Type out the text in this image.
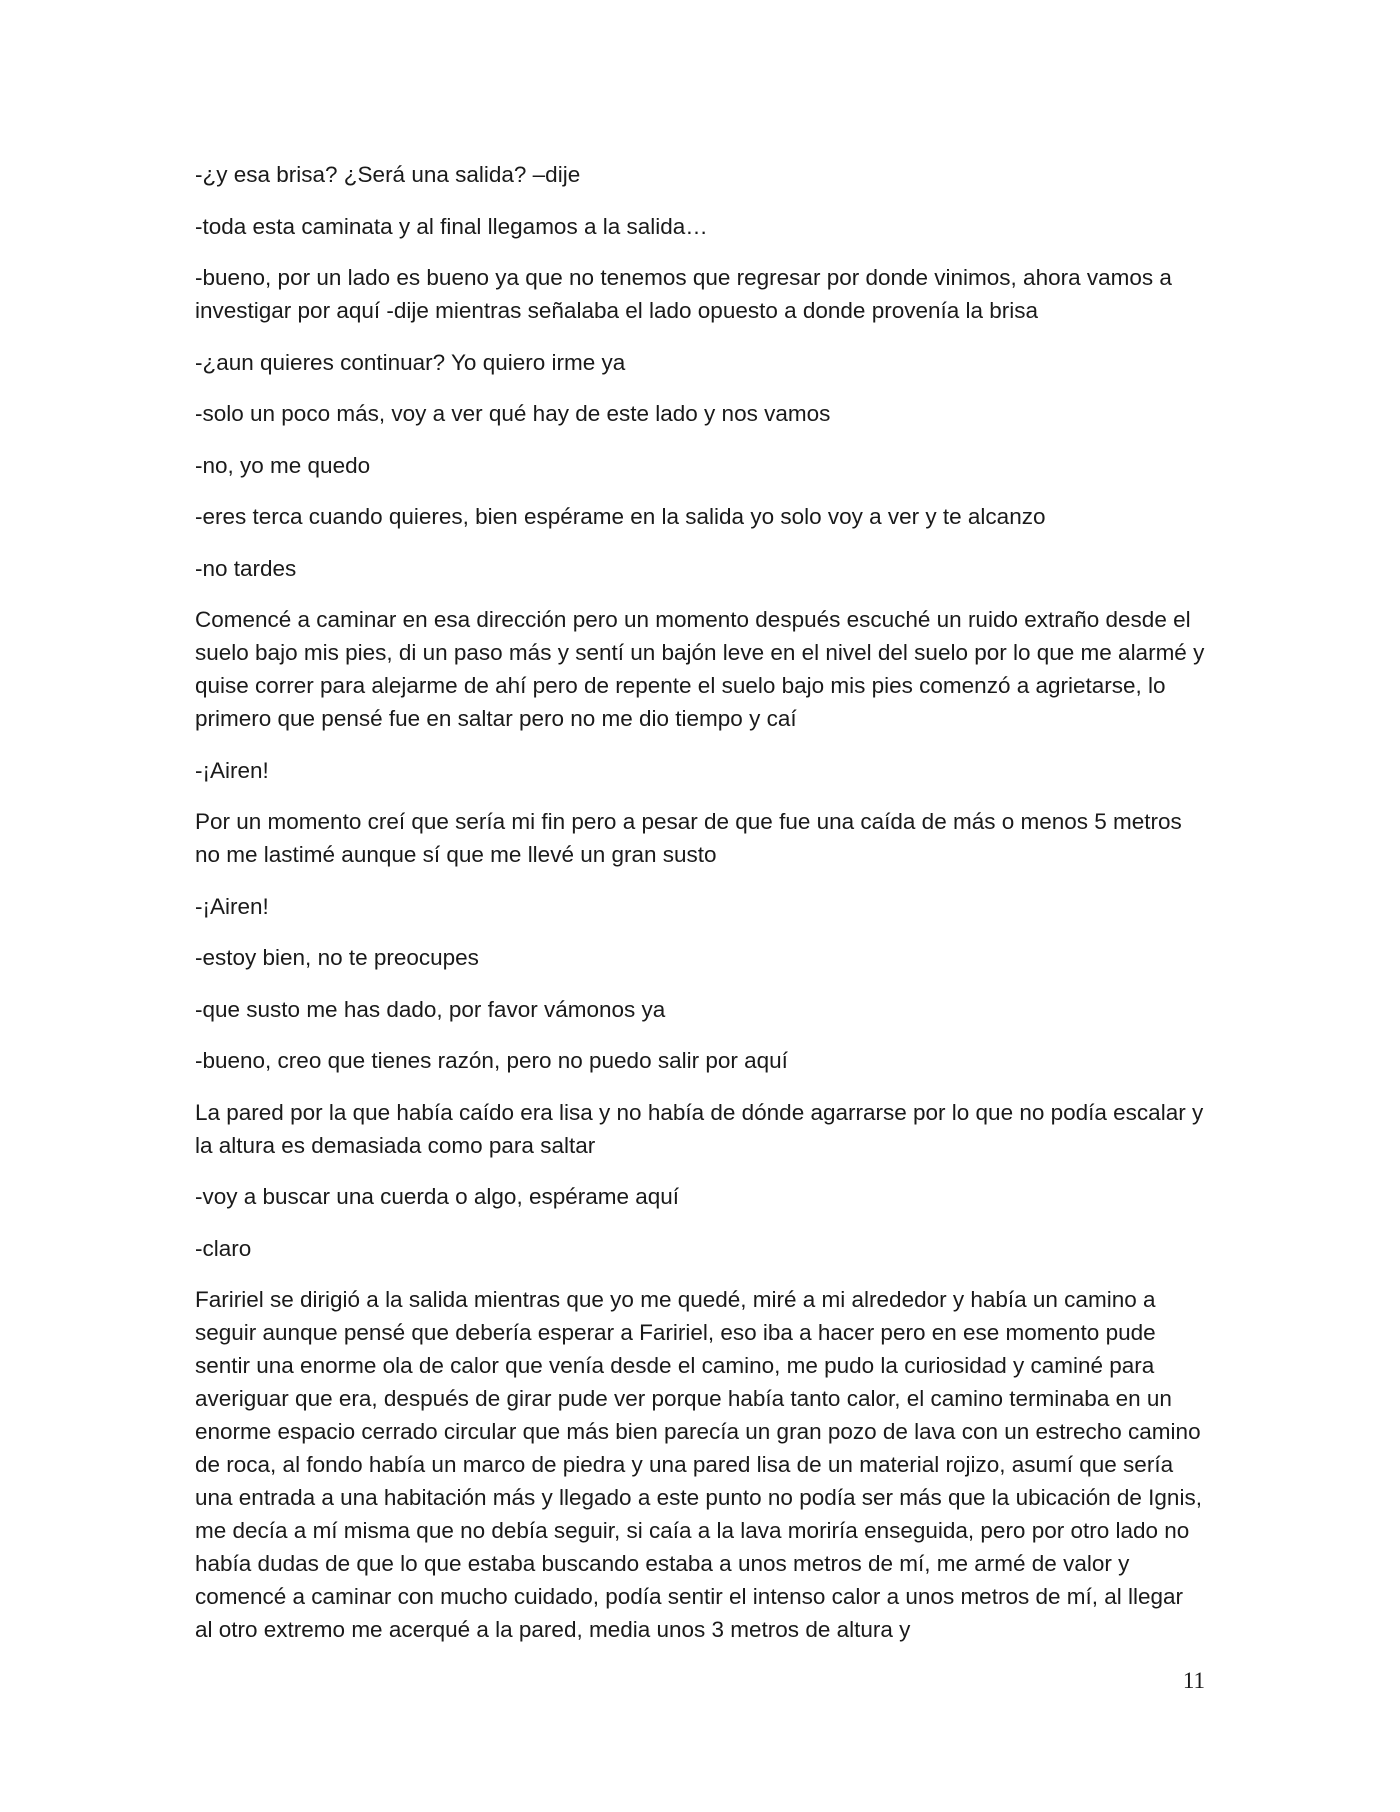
-¿y esa brisa? ¿Será una salida? –dije

-toda esta caminata y al final llegamos a la salida…

-bueno, por un lado es bueno ya que no tenemos que regresar por donde vinimos, ahora vamos a investigar por aquí -dije mientras señalaba el lado opuesto a donde provenía la brisa

-¿aun quieres continuar? Yo quiero irme ya

-solo un poco más, voy a ver qué hay de este lado y nos vamos

-no, yo me quedo

-eres terca cuando quieres, bien espérame en la salida yo solo voy a ver y te alcanzo

-no tardes

Comencé a caminar en esa dirección pero un momento después escuché un ruido extraño desde el suelo bajo mis pies, di un paso más y sentí un bajón leve en el nivel del suelo por lo que me alarmé y quise correr para alejarme de ahí pero de repente el suelo bajo mis pies comenzó a agrietarse, lo primero que pensé fue en saltar pero no me dio tiempo y caí

-¡Airen!

Por un momento creí que sería mi fin pero a pesar de que fue una caída de más o menos 5 metros no me lastimé aunque sí que me llevé un gran susto

-¡Airen!

-estoy bien, no te preocupes

-que susto me has dado, por favor vámonos ya

-bueno, creo que tienes razón, pero no puedo salir por aquí

La pared por la que había caído era lisa y no había de dónde agarrarse por lo que no podía escalar y la altura es demasiada como para saltar

-voy a buscar una cuerda o algo, espérame aquí

-claro

Faririel se dirigió a la salida mientras que yo me quedé, miré a mi alrededor y había un camino a seguir aunque pensé que debería esperar a Faririel, eso iba a hacer pero en ese momento pude sentir una enorme ola de calor que venía desde el camino, me pudo la curiosidad y caminé para averiguar que era, después de girar pude ver porque había tanto calor, el camino terminaba en un enorme espacio cerrado circular que más bien parecía un gran pozo de lava con un estrecho camino de roca, al fondo había un marco de piedra y una pared lisa de un material rojizo, asumí que sería una entrada a una habitación más y llegado a este punto no podía ser más que la ubicación de Ignis, me decía a mí misma que no debía seguir, si caía a la lava moriría enseguida, pero por otro lado no había dudas de que lo que estaba buscando estaba a unos metros de mí, me armé de valor y comencé a caminar con mucho cuidado, podía sentir el intenso calor a unos metros de mí, al llegar al otro extremo me acerqué a la pared, media unos 3 metros de altura y

11
